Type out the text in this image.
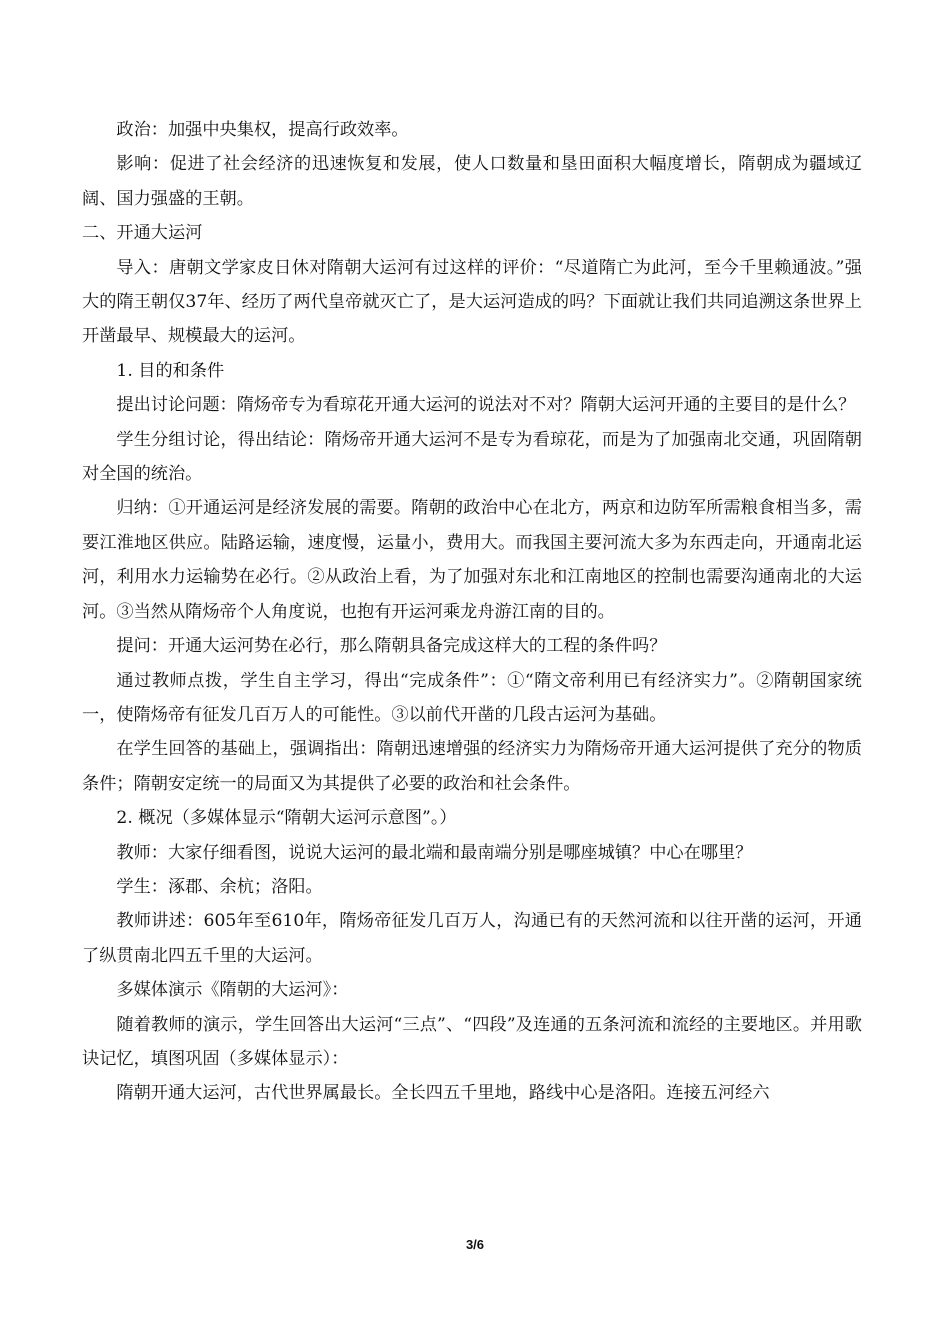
政治：加强中央集权，提高行政效率。

影响：促进了社会经济的迅速恢复和发展，使人口数量和垦田面积大幅度增长，隋朝成为疆域辽阔、国力强盛的王朝。

二、开通大运河

导入：唐朝文学家皮日休对隋朝大运河有过这样的评价：“尽道隋亡为此河，至今千里赖通波。”强大的隋王朝仅37年、经历了两代皇帝就灭亡了，是大运河造成的吗？下面就让我们共同追溯这条世界上开凿最早、规模最大的运河。

1. 目的和条件

提出讨论问题：隋炀帝专为看琼花开通大运河的说法对不对？隋朝大运河开通的主要目的是什么？

学生分组讨论，得出结论：隋炀帝开通大运河不是专为看琼花，而是为了加强南北交通，巩固隋朝对全国的统治。

归纳：①开通运河是经济发展的需要。隋朝的政治中心在北方，两京和边防军所需粮食相当多，需要江淮地区供应。陆路运输，速度慢，运量小，费用大。而我国主要河流大多为东西走向，开通南北运河，利用水力运输势在必行。②从政治上看，为了加强对东北和江南地区的控制也需要沟通南北的大运河。③当然从隋炀帝个人角度说，也抱有开运河乘龙舟游江南的目的。

提问：开通大运河势在必行，那么隋朝具备完成这样大的工程的条件吗？

通过教师点拨，学生自主学习，得出“完成条件”：①“隋文帝利用已有经济实力”。②隋朝国家统一，使隋炀帝有征发几百万人的可能性。③以前代开凿的几段古运河为基础。

在学生回答的基础上，强调指出：隋朝迅速增强的经济实力为隋炀帝开通大运河提供了充分的物质条件；隋朝安定统一的局面又为其提供了必要的政治和社会条件。

2. 概况（多媒体显示“隋朝大运河示意图”。）

教师：大家仔细看图，说说大运河的最北端和最南端分别是哪座城镇？中心在哪里？

学生：涿郡、余杭；洛阳。

教师讲述：605年至610年，隋炀帝征发几百万人，沟通已有的天然河流和以往开凿的运河，开通了纵贯南北四五千里的大运河。

多媒体演示《隋朝的大运河》：

随着教师的演示，学生回答出大运河“三点”、“四段”及连通的五条河流和流经的主要地区。并用歌诀记忆，填图巩固（多媒体显示）：

隋朝开通大运河，古代世界属最长。全长四五千里地，路线中心是洛阳。连接五河经六

3/6
